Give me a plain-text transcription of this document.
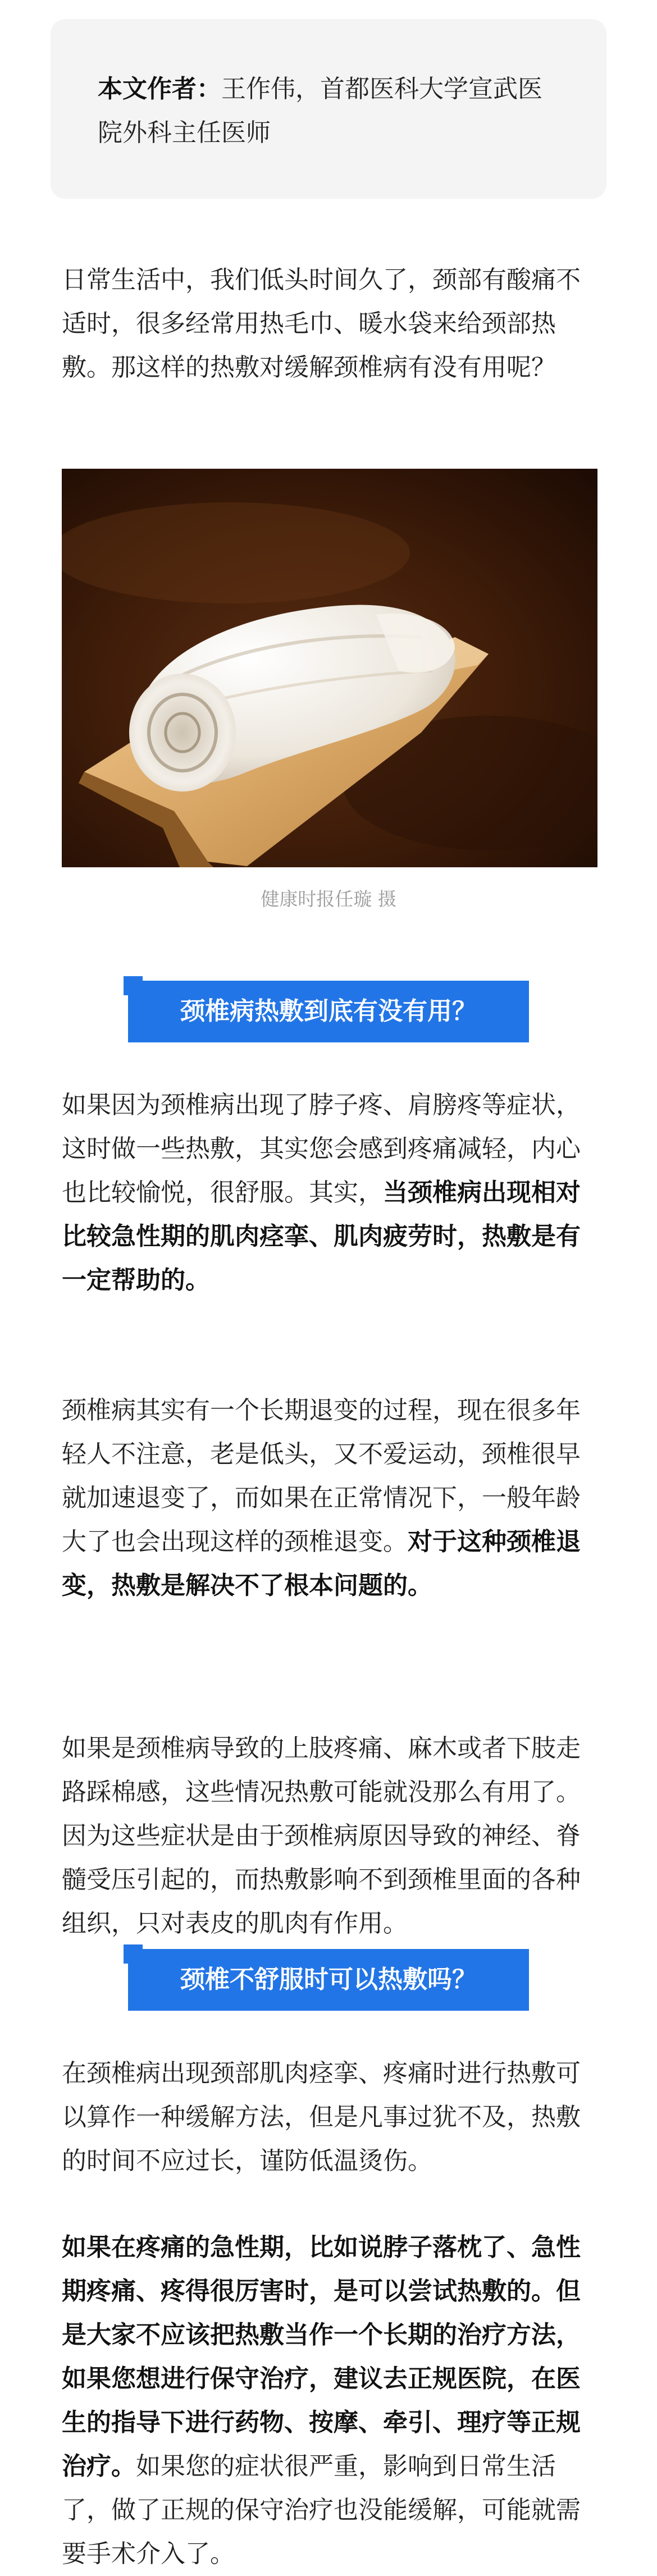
本文作者：王作伟，首都医科大学宣武医院外科主任医师
日常生活中，我们低头时间久了，颈部有酸痛不适时，很多经常用热毛巾、暖水袋来给颈部热敷。那这样的热敷对缓解颈椎病有没有用呢？
健康时报任璇 摄
颈椎病热敷到底有没有用？
如果因为颈椎病出现了脖子疼、肩膀疼等症状，这时做一些热敷，其实您会感到疼痛减轻，内心也比较愉悦，很舒服。其实，当颈椎病出现相对比较急性期的肌肉痉挛、肌肉疲劳时，热敷是有一定帮助的。
颈椎病其实有一个长期退变的过程，现在很多年轻人不注意，老是低头，又不爱运动，颈椎很早就加速退变了，而如果在正常情况下，一般年龄大了也会出现这样的颈椎退变。对于这种颈椎退变，热敷是解决不了根本问题的。
如果是颈椎病导致的上肢疼痛、麻木或者下肢走路踩棉感，这些情况热敷可能就没那么有用了。因为这些症状是由于颈椎病原因导致的神经、脊髓受压引起的，而热敷影响不到颈椎里面的各种组织，只对表皮的肌肉有作用。
颈椎不舒服时可以热敷吗？
在颈椎病出现颈部肌肉痉挛、疼痛时进行热敷可以算作一种缓解方法，但是凡事过犹不及，热敷的时间不应过长，谨防低温烫伤。
如果在疼痛的急性期，比如说脖子落枕了、急性期疼痛、疼得很厉害时，是可以尝试热敷的。但是大家不应该把热敷当作一个长期的治疗方法，如果您想进行保守治疗，建议去正规医院，在医生的指导下进行药物、按摩、牵引、理疗等正规治疗。如果您的症状很严重，影响到日常生活了，做了正规的保守治疗也没能缓解，可能就需要手术介入了。
